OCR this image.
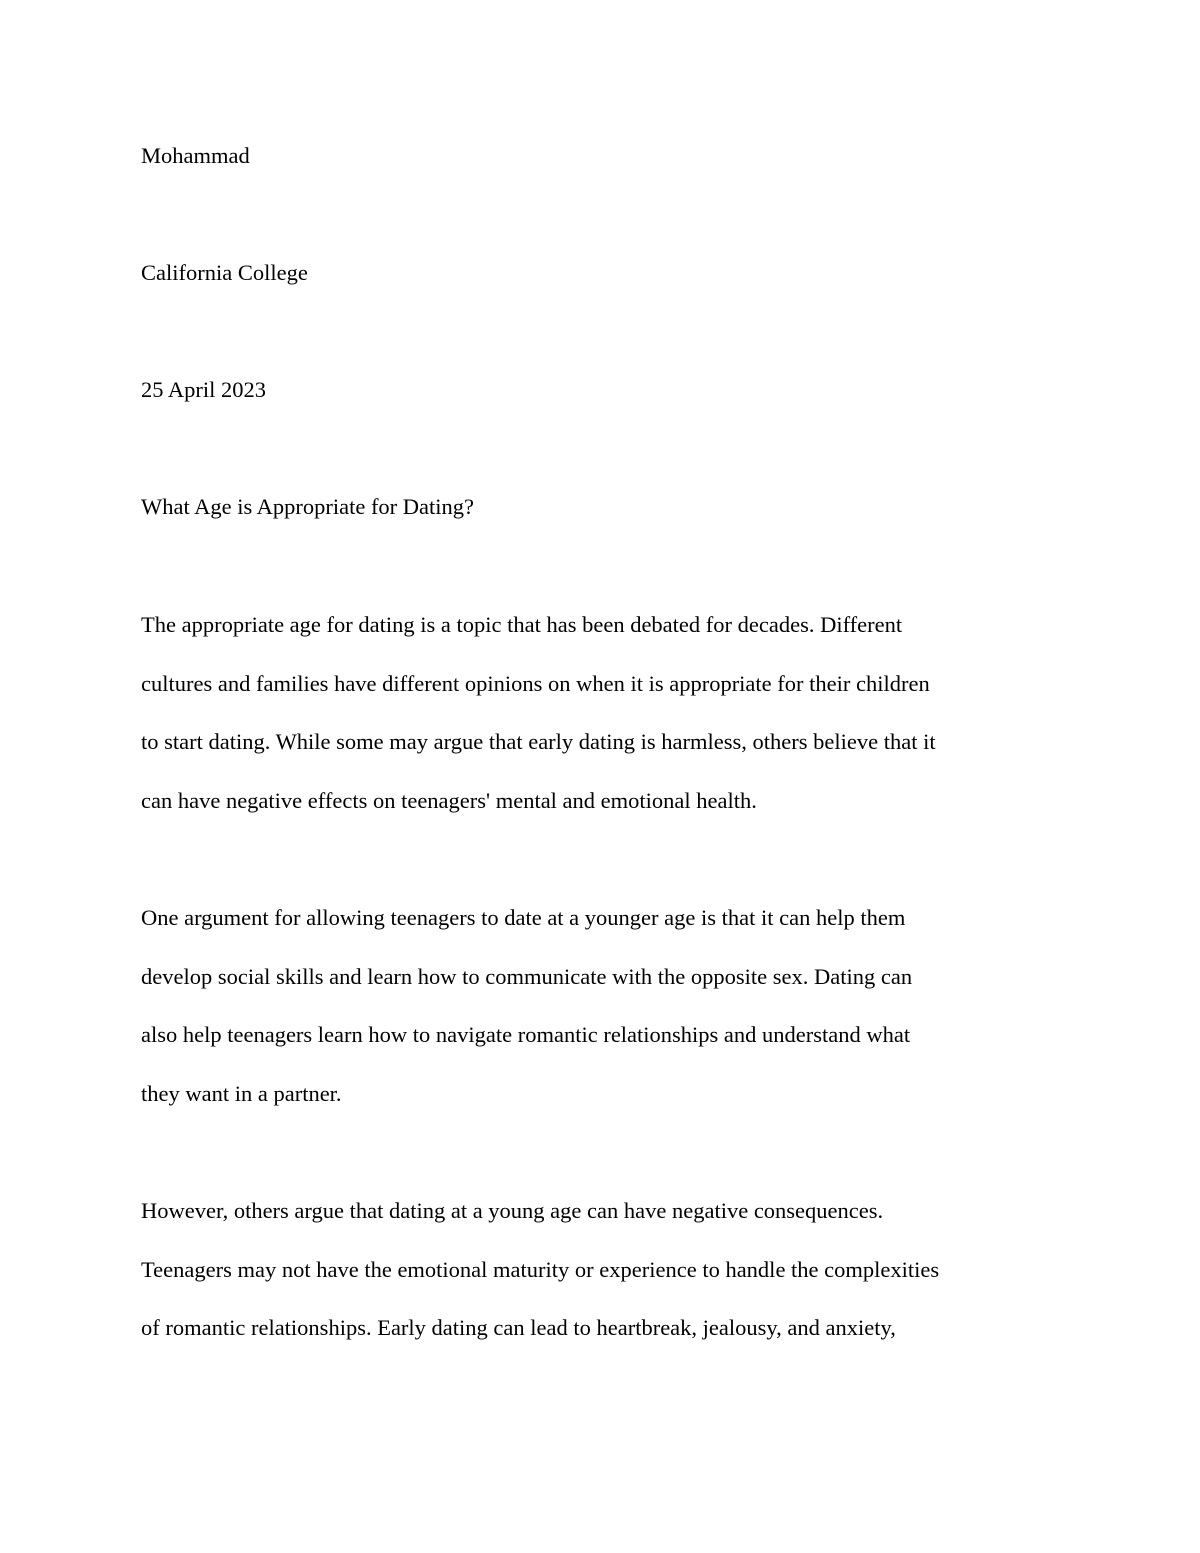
Mohammad

California College

25 April 2023

What Age is Appropriate for Dating?

The appropriate age for dating is a topic that has been debated for decades. Different
cultures and families have different opinions on when it is appropriate for their children
to start dating. While some may argue that early dating is harmless, others believe that it
can have negative effects on teenagers' mental and emotional health.
One argument for allowing teenagers to date at a younger age is that it can help them
develop social skills and learn how to communicate with the opposite sex. Dating can
also help teenagers learn how to navigate romantic relationships and understand what
they want in a partner.
However, others argue that dating at a young age can have negative consequences.
Teenagers may not have the emotional maturity or experience to handle the complexities
of romantic relationships. Early dating can lead to heartbreak, jealousy, and anxiety,
